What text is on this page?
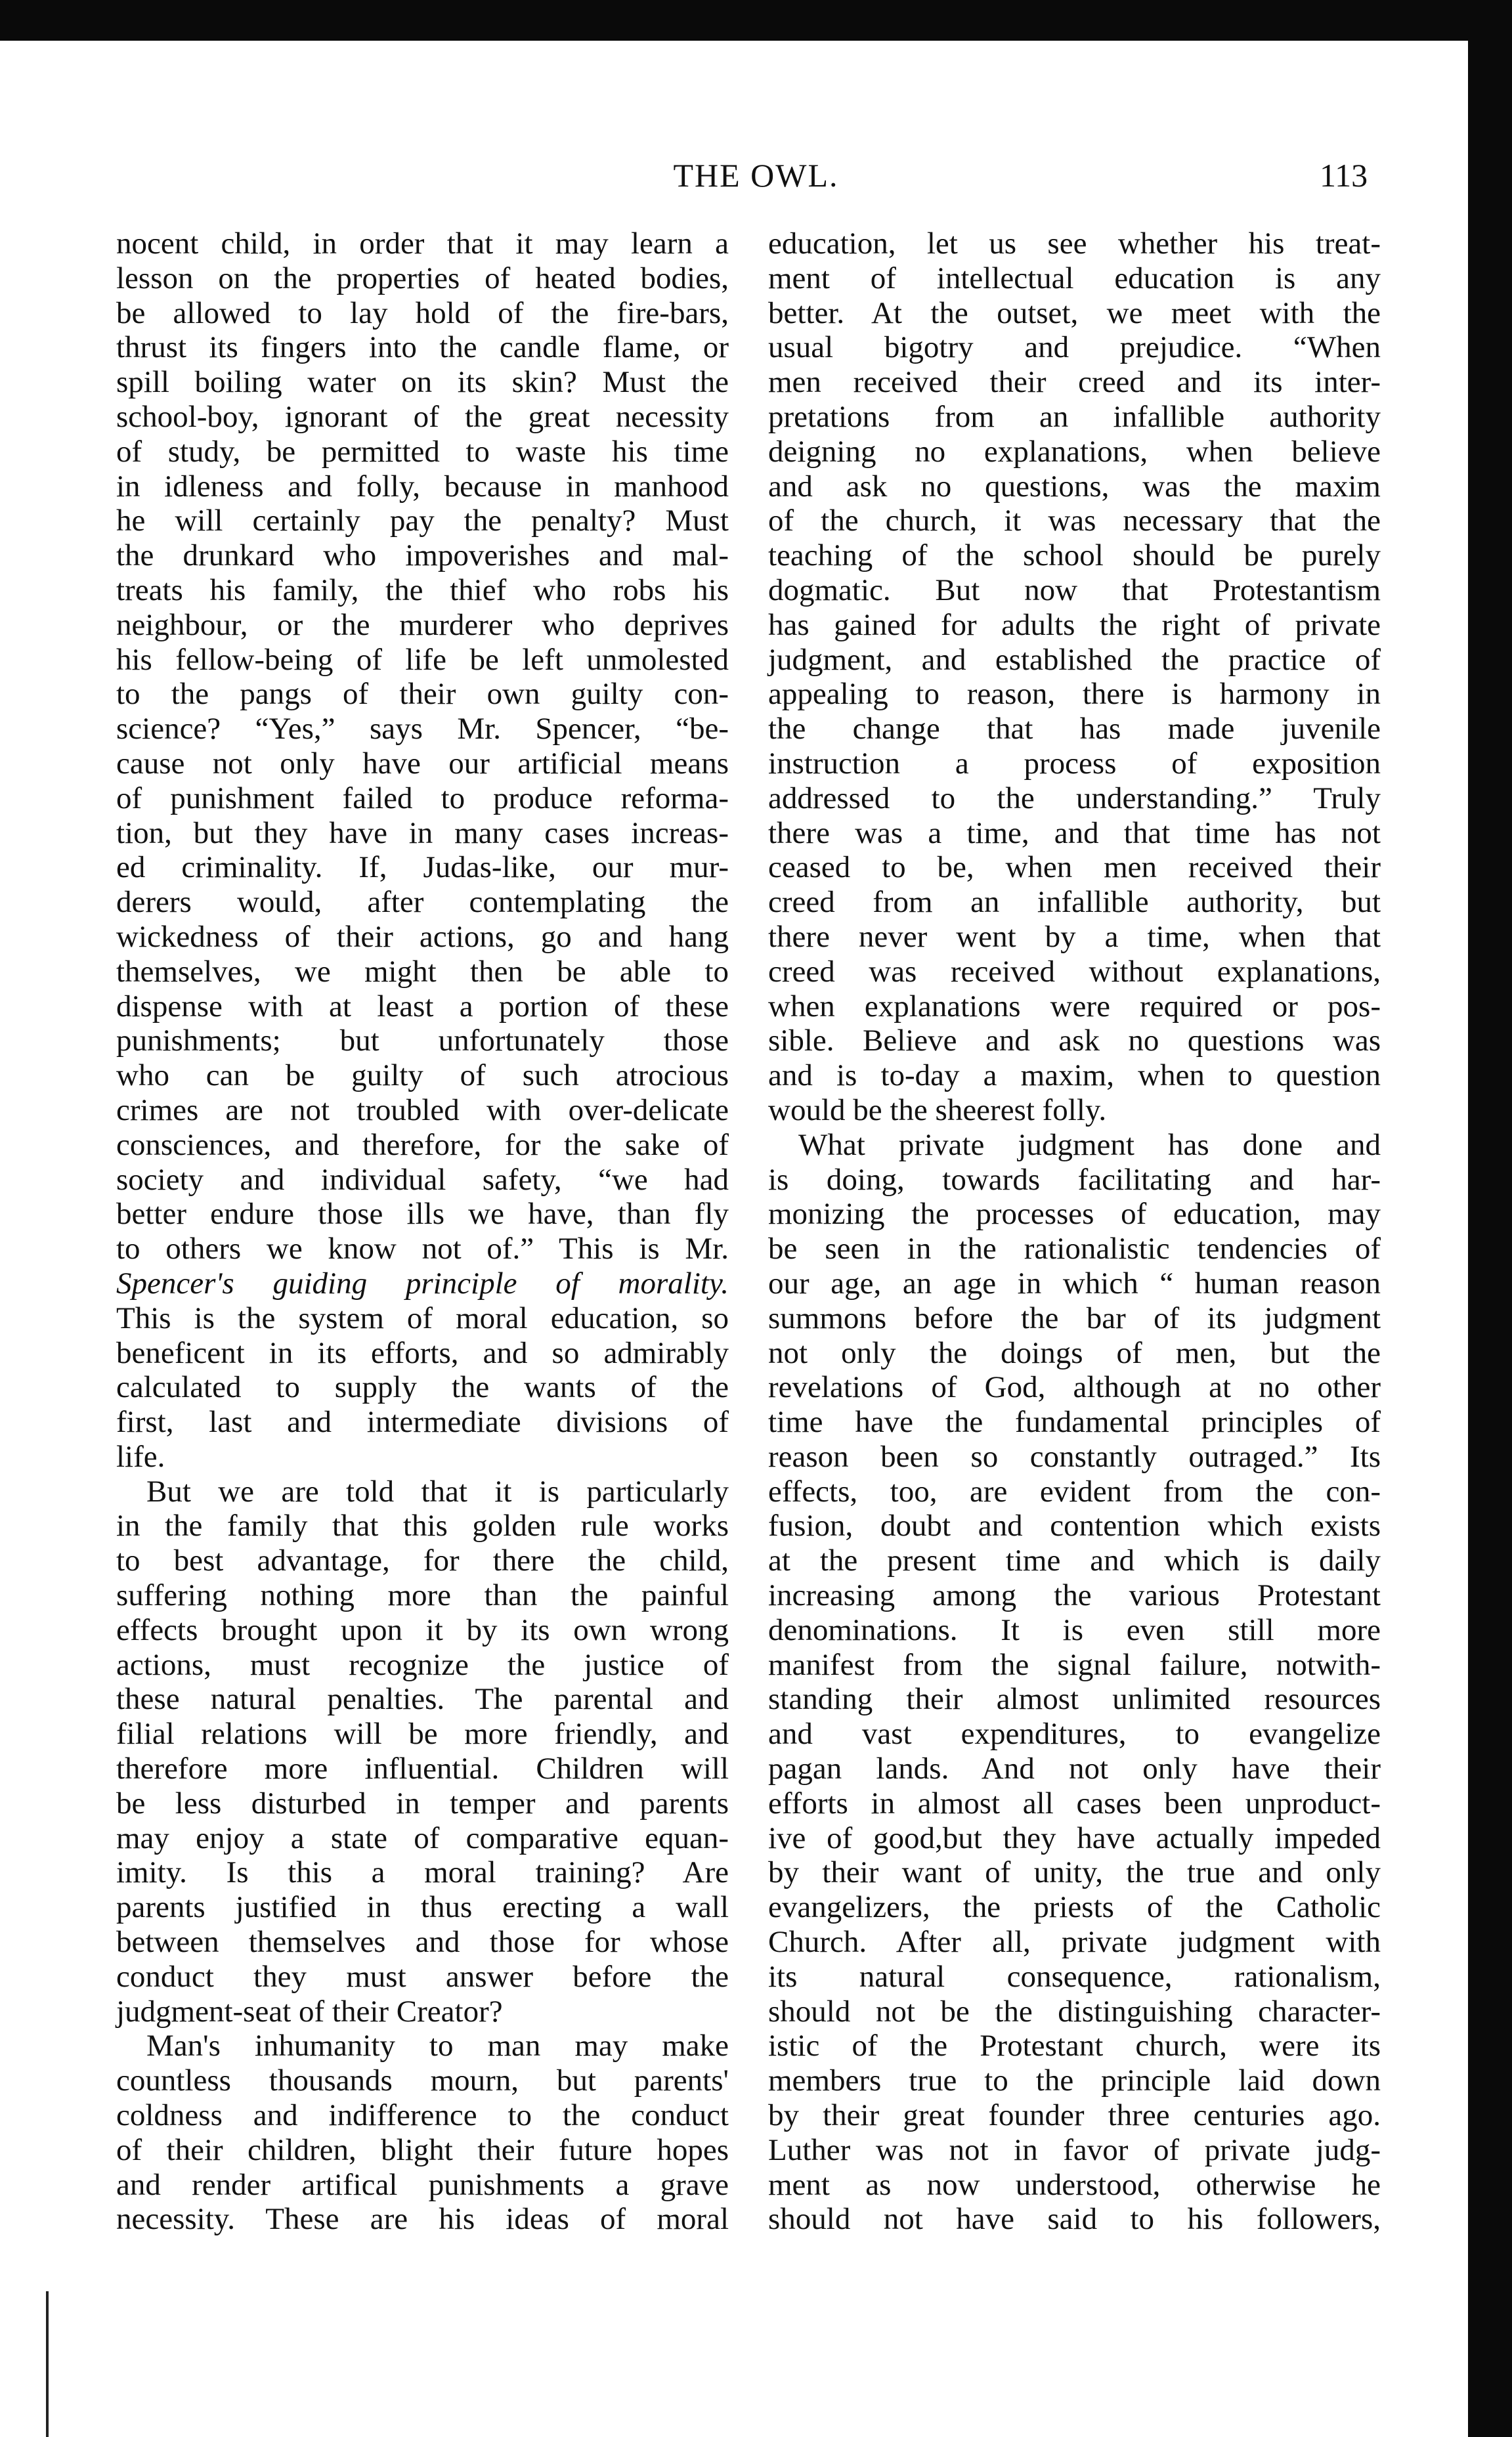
THE OWL.	113
nocent child, in order that it may learn a
lesson on the properties of heated bodies,
be allowed to lay hold of the fire-bars,
thrust its fingers into the candle flame, or
spill boiling water on its skin? Must the
school-boy, ignorant of the great necessity
of study, be permitted to waste his time
in idleness and folly, because in manhood
he will certainly pay the penalty? Must
the drunkard who impoverishes and mal-
treats his family, the thief who robs his
neighbour, or the murderer who deprives
his fellow-being of life be left unmolested
to the pangs of their own guilty con-
science? “Yes,” says Mr. Spencer, “be-
cause not only have our artificial means
of punishment failed to produce reforma-
tion, but they have in many cases increas-
ed criminality. If, Judas-like, our mur-
derers would, after contemplating the
wickedness of their actions, go and hang
themselves, we might then be able to
dispense with at least a portion of these
punishments; but unfortunately those
who can be guilty of such atrocious
crimes are not troubled with over-delicate
consciences, and therefore, for the sake of
society and individual safety, “we had
better endure those ills we have, than fly
to others we know not of.” This is Mr.
Spencer's guiding principle of morality.
This is the system of moral education, so
beneficent in its efforts, and so admirably
calculated to supply the wants of the
first, last and intermediate divisions of
life.
But we are told that it is particularly
in the family that this golden rule works
to best advantage, for there the child,
suffering nothing more than the painful
effects brought upon it by its own wrong
actions, must recognize the justice of
these natural penalties. The parental and
filial relations will be more friendly, and
therefore more influential. Children will
be less disturbed in temper and parents
may enjoy a state of comparative equan-
imity. Is this a moral training? Are
parents justified in thus erecting a wall
between themselves and those for whose
conduct they must answer before the
judgment-seat of their Creator?
Man's inhumanity to man may make
countless thousands mourn, but parents'
coldness and indifference to the conduct
of their children, blight their future hopes
and render artifical punishments a grave
necessity. These are his ideas of moral
education, let us see whether his treat-
ment of intellectual education is any
better. At the outset, we meet with the
usual bigotry and prejudice. “When
men received their creed and its inter-
pretations from an infallible authority
deigning no explanations, when believe
and ask no questions, was the maxim
of the church, it was necessary that the
teaching of the school should be purely
dogmatic. But now that Protestantism
has gained for adults the right of private
judgment, and established the practice of
appealing to reason, there is harmony in
the change that has made juvenile
instruction a process of exposition
addressed to the understanding.” Truly
there was a time, and that time has not
ceased to be, when men received their
creed from an infallible authority, but
there never went by a time, when that
creed was received without explanations,
when explanations were required or pos-
sible. Believe and ask no questions was
and is to-day a maxim, when to question
would be the sheerest folly.
What private judgment has done and
is doing, towards facilitating and har-
monizing the processes of education, may
be seen in the rationalistic tendencies of
our age, an age in which “ human reason
summons before the bar of its judgment
not only the doings of men, but the
revelations of God, although at no other
time have the fundamental principles of
reason been so constantly outraged.” Its
effects, too, are evident from the con-
fusion, doubt and contention which exists
at the present time and which is daily
increasing among the various Protestant
denominations. It is even still more
manifest from the signal failure, notwith-
standing their almost unlimited resources
and vast expenditures, to evangelize
pagan lands. And not only have their
efforts in almost all cases been unproduct-
ive of good,but they have actually impeded
by their want of unity, the true and only
evangelizers, the priests of the Catholic
Church. After all, private judgment with
its natural consequence, rationalism,
should not be the distinguishing character-
istic of the Protestant church, were its
members true to the principle laid down
by their great founder three centuries ago.
Luther was not in favor of private judg-
ment as now understood, otherwise he
should not have said to his followers,
